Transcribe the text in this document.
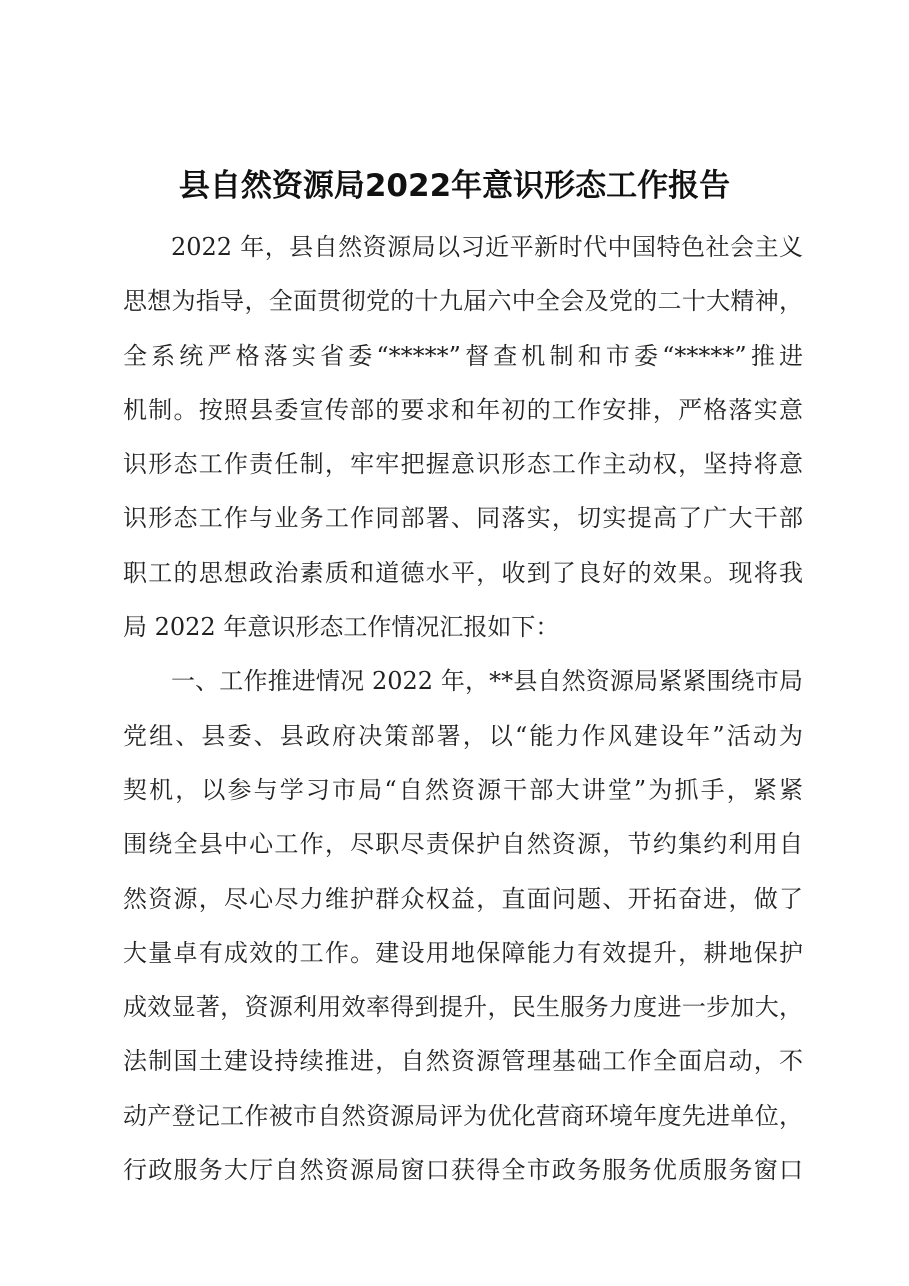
县自然资源局2022年意识形态工作报告
2022 年，县自然资源局以习近平新时代中国特色社会主义
思想为指导，全面贯彻党的十九届六中全会及党的二十大精神，
全系统严格落实省委“*****”督查机制和市委“*****”推进
机制。按照县委宣传部的要求和年初的工作安排，严格落实意
识形态工作责任制，牢牢把握意识形态工作主动权，坚持将意
识形态工作与业务工作同部署、同落实，切实提高了广大干部
职工的思想政治素质和道德水平，收到了良好的效果。现将我
局 2022 年意识形态工作情况汇报如下：
一、工作推进情况 2022 年，**县自然资源局紧紧围绕市局
党组、县委、县政府决策部署，以“能力作风建设年”活动为
契机，以参与学习市局“自然资源干部大讲堂”为抓手，紧紧
围绕全县中心工作，尽职尽责保护自然资源，节约集约利用自
然资源，尽心尽力维护群众权益，直面问题、开拓奋进，做了
大量卓有成效的工作。建设用地保障能力有效提升，耕地保护
成效显著，资源利用效率得到提升，民生服务力度进一步加大，
法制国土建设持续推进，自然资源管理基础工作全面启动，不
动产登记工作被市自然资源局评为优化营商环境年度先进单位，
行政服务大厅自然资源局窗口获得全市政务服务优质服务窗口
